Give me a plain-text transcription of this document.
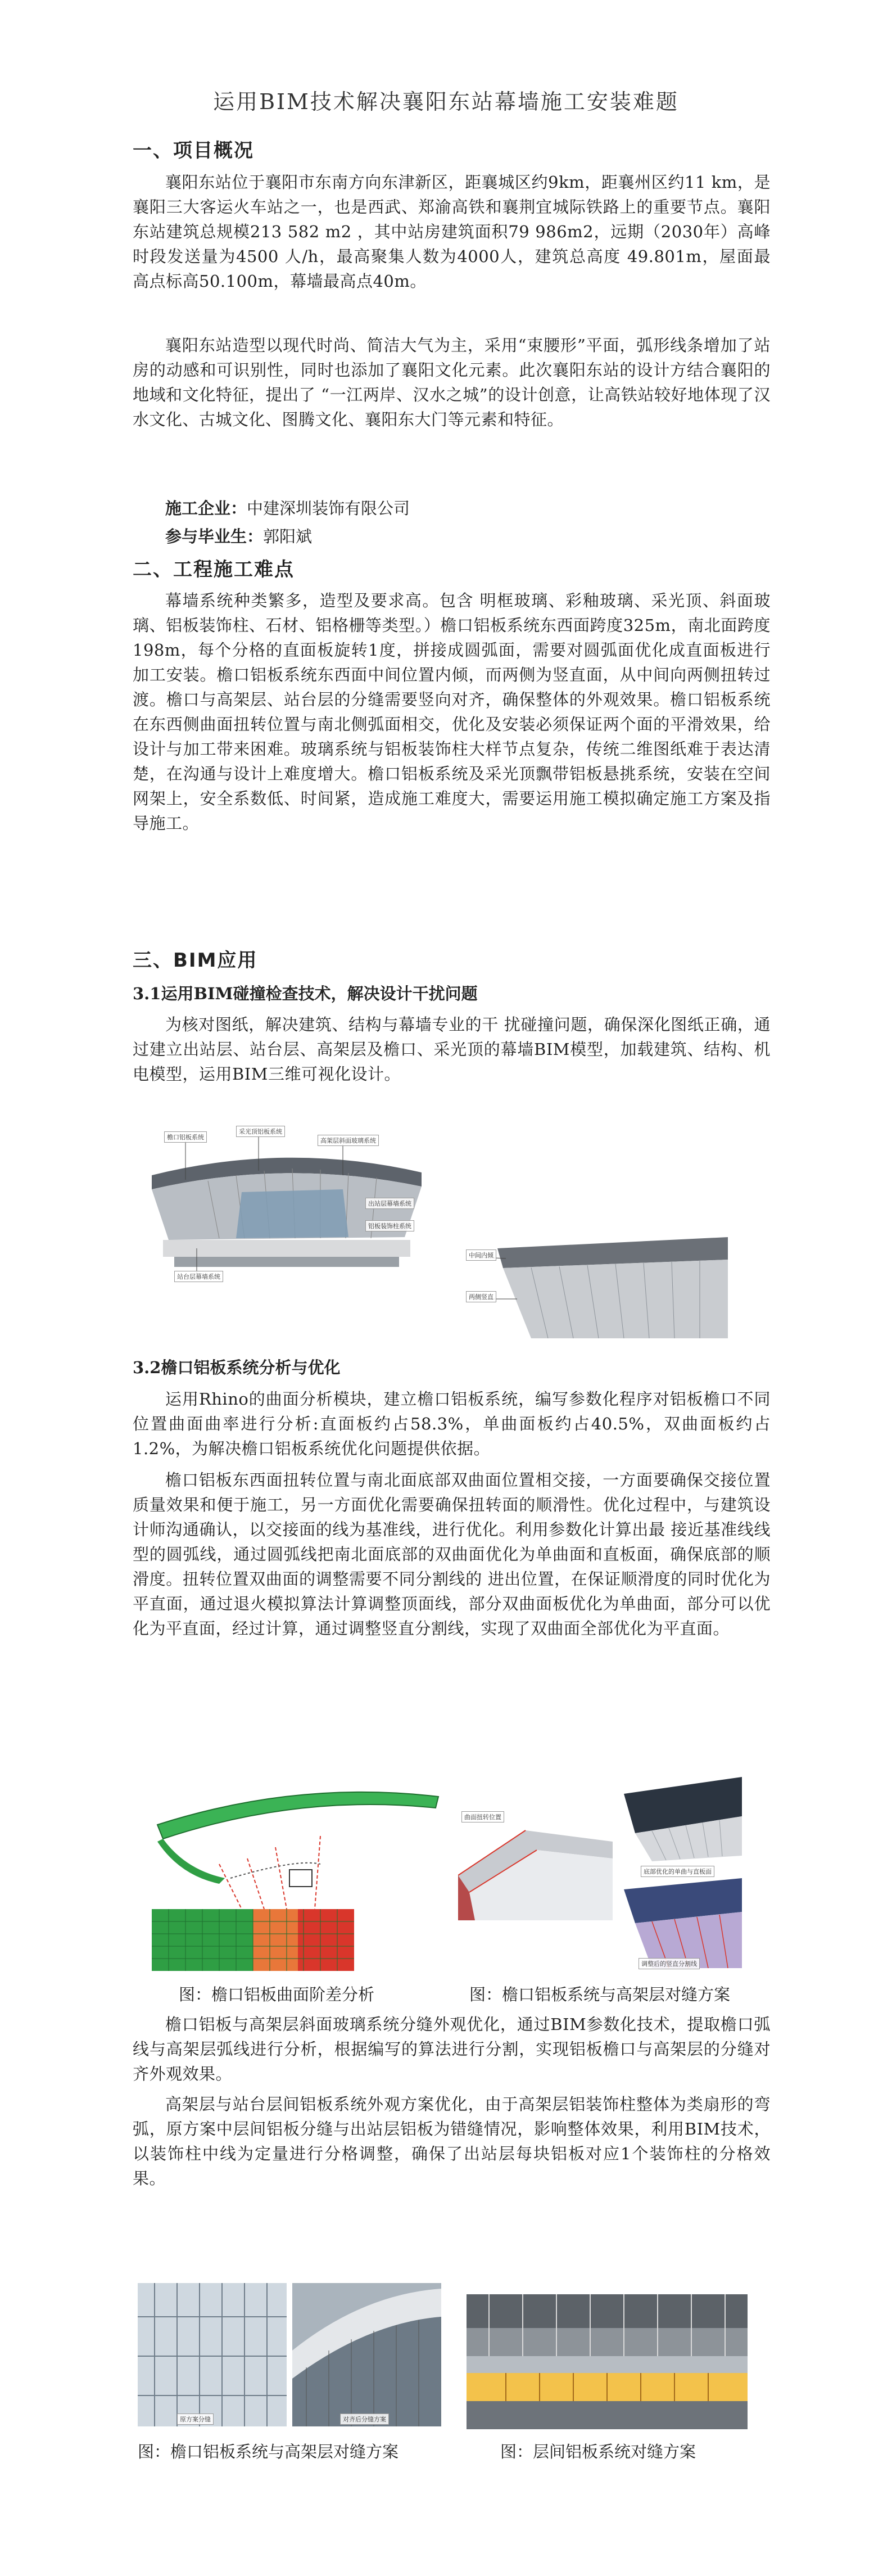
运用BIM技术解决襄阳东站幕墙施工安装难题
一、项目概况
襄阳东站位于襄阳市东南方向东津新区，距襄城区约9km，距襄州区约11 km，是襄阳三大客运火车站之一，也是西武、郑渝高铁和襄荆宜城际铁路上的重要节点。襄阳东站建筑总规模213 582 m2 ，其中站房建筑面积79 986m2，远期（2030年）高峰时段发送量为4500 人/h，最高聚集人数为4000人，建筑总高度 49.801m，屋面最 高点标高50.100m，幕墙最高点40m。
襄阳东站造型以现代时尚、简洁大气为主，采用“束腰形”平面，弧形线条增加了站房的动感和可识别性，同时也添加了襄阳文化元素。此次襄阳东站的设计方结合襄阳的地域和文化特征，提出了 “一江两岸、汉水之城”的设计创意，让高铁站较好地体现了汉水文化、古城文化、图腾文化、襄阳东大门等元素和特征。
施工企业：中建深圳装饰有限公司
参与毕业生：郭阳斌
二、工程施工难点
幕墙系统种类繁多，造型及要求高。包含 明框玻璃、彩釉玻璃、采光顶、斜面玻璃、铝板装饰柱、石材、铝格栅等类型。）檐口铝板系统东西面跨度325m，南北面跨度198m，每个分格的直面板旋转1度，拼接成圆弧面，需要对圆弧面优化成直面板进行加工安装。檐口铝板系统东西面中间位置内倾，而两侧为竖直面，从中间向两侧扭转过渡。檐口与高架层、站台层的分缝需要竖向对齐，确保整体的外观效果。檐口铝板系统在东西侧曲面扭转位置与南北侧弧面相交，优化及安装必须保证两个面的平滑效果，给设计与加工带来困难。玻璃系统与铝板装饰柱大样节点复杂，传统二维图纸难于表达清楚，在沟通与设计上难度增大。檐口铝板系统及采光顶飘带铝板悬挑系统，安装在空间网架上，安全系数低、时间紧，造成施工难度大，需要运用施工模拟确定施工方案及指导施工。
三、BIM应用
3.1运用BIM碰撞检查技术，解决设计干扰问题
为核对图纸，解决建筑、结构与幕墙专业的干 扰碰撞问题，确保深化图纸正确，通过建立出站层、站台层、高架层及檐口、采光顶的幕墙BIM模型，加载建筑、结构、机电模型，运用BIM三维可视化设计。
檐口铝板系统
采光顶铝板系统
高架层斜面玻璃系统
出站层幕墙系统
铝板装饰柱系统
站台层幕墙系统
中间内倾
两侧竖直
3.2檐口铝板系统分析与优化
运用Rhino的曲面分析模块，建立檐口铝板系统，编写参数化程序对铝板檐口不同位置曲面曲率进行分析:直面板约占58.3%，单曲面板约占40.5%，双曲面板约占1.2%，为解决檐口铝板系统优化问题提供依据。
檐口铝板东西面扭转位置与南北面底部双曲面位置相交接，一方面要确保交接位置质量效果和便于施工，另一方面优化需要确保扭转面的顺滑性。优化过程中，与建筑设计师沟通确认，以交接面的线为基准线，进行优化。利用参数化计算出最 接近基准线线型的圆弧线，通过圆弧线把南北面底部的双曲面优化为单曲面和直板面，确保底部的顺滑度。扭转位置双曲面的调整需要不同分割线的 进出位置，在保证顺滑度的同时优化为平直面，通过退火模拟算法计算调整顶面线，部分双曲面板优化为单曲面，部分可以优化为平直面，经过计算，通过调整竖直分割线，实现了双曲面全部优化为平直面。
曲面扭转位置
底部优化的单曲与直板面
调整后的竖直分割线
图：檐口铝板曲面阶差分析	图：檐口铝板系统与高架层对缝方案
檐口铝板与高架层斜面玻璃系统分缝外观优化，通过BIM参数化技术，提取檐口弧线与高架层弧线进行分析，根据编写的算法进行分割，实现铝板檐口与高架层的分缝对齐外观效果。
高架层与站台层间铝板系统外观方案优化，由于高架层铝装饰柱整体为类扇形的弯弧，原方案中层间铝板分缝与出站层铝板为错缝情况，影响整体效果，利用BIM技术，以装饰柱中线为定量进行分格调整，确保了出站层每块铝板对应1个装饰柱的分格效果。
原方案分缝	对齐后分缝方案
图：檐口铝板系统与高架层对缝方案	图：层间铝板系统对缝方案
